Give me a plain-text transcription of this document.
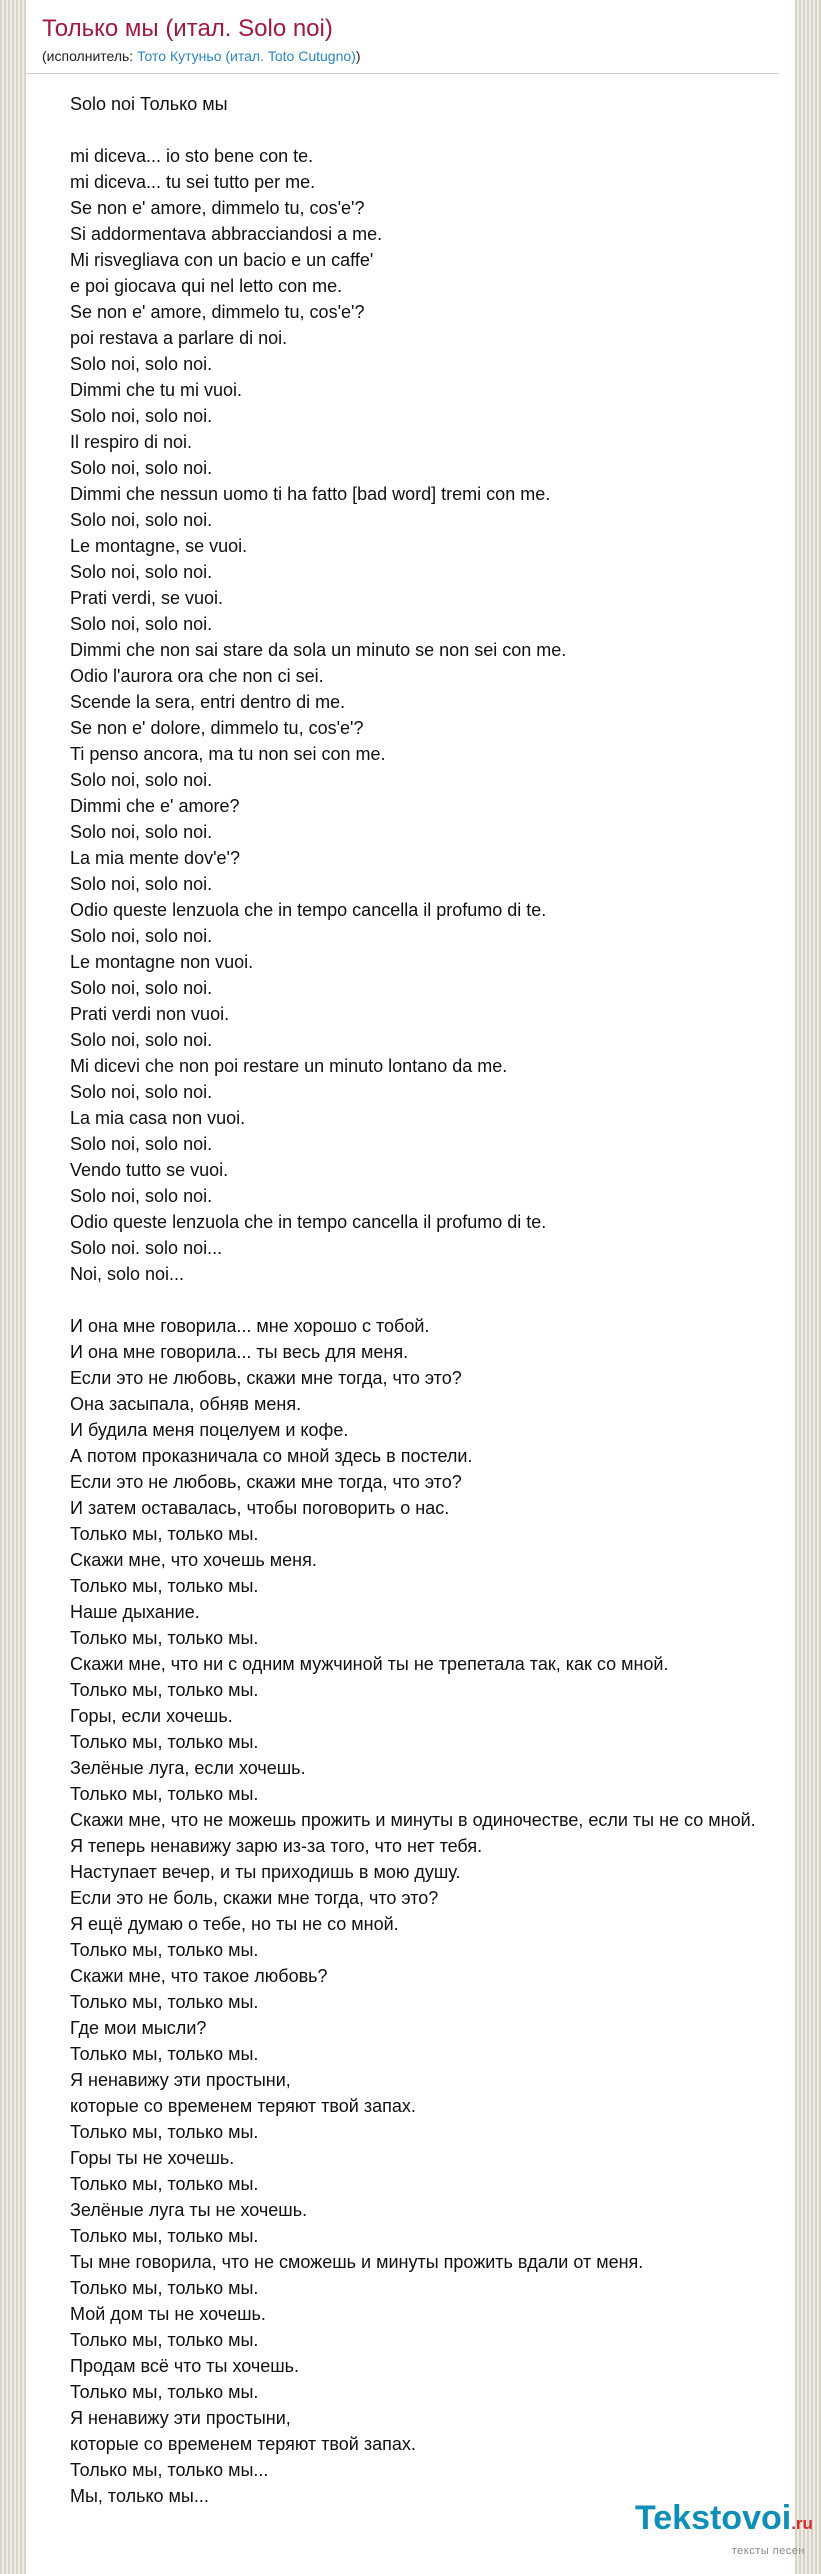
Только мы (итал. Solo noi)
(исполнитель: Тото Кутуньо (итал. Toto Cutugno))

Solo noi Только мы

mi diceva... io sto bene con te.

mi diceva... tu sei tutto per me.

Se non e' amore, dimmelo tu, cos'e'?

Si addormentava abbracciandosi a me.

Mi risvegliava con un bacio e un caffe'

e poi giocava qui nel letto con me.

Se non e' amore, dimmelo tu, cos'e'?

poi restava a parlare di noi.

Solo noi, solo noi.

Dimmi che tu mi vuoi.

Solo noi, solo noi.

Il respiro di noi.

Solo noi, solo noi.

Dimmi che nessun uomo ti ha fatto [bad word] tremi con me.

Solo noi, solo noi.

Le montagne, se vuoi.

Solo noi, solo noi.

Prati verdi, se vuoi.

Solo noi, solo noi.

Dimmi che non sai stare da sola un minuto se non sei con me.

Odio l'aurora ora che non ci sei.

Scende la sera, entri dentro di me.

Se non e' dolore, dimmelo tu, cos'e'?

Ti penso ancora, ma tu non sei con me.

Solo noi, solo noi.

Dimmi che e' amore?

Solo noi, solo noi.

La mia mente dov'e'?

Solo noi, solo noi.

Odio queste lenzuola che in tempo cancella il profumo di te.

Solo noi, solo noi.

Le montagne non vuoi.

Solo noi, solo noi.

Prati verdi non vuoi.

Solo noi, solo noi.

Mi dicevi che non poi restare un minuto lontano da me.

Solo noi, solo noi.

La mia casa non vuoi.

Solo noi, solo noi.

Vendo tutto se vuoi.

Solo noi, solo noi.

Odio queste lenzuola che in tempo cancella il profumo di te.

Solo noi. solo noi...

Noi, solo noi...

И она мне говорила... мне хорошо с тобой.

И она мне говорила... ты весь для меня.

Если это не любовь, скажи мне тогда, что это?

Она засыпала, обняв меня.

И будила меня поцелуем и кофе.

А потом проказничала со мной здесь в постели.

Если это не любовь, скажи мне тогда, что это?

И затем оставалась, чтобы поговорить о нас.

Только мы, только мы.

Скажи мне, что хочешь меня.

Только мы, только мы.

Наше дыхание.

Только мы, только мы.

Скажи мне, что ни с одним мужчиной ты не трепетала так, как со мной.

Только мы, только мы.

Горы, если хочешь.

Только мы, только мы.

Зелёные луга, если хочешь.

Только мы, только мы.

Скажи мне, что не можешь прожить и минуты в одиночестве, если ты не со мной.

Я теперь ненавижу зарю из-за того, что нет тебя.

Наступает вечер, и ты приходишь в мою душу.

Если это не боль, скажи мне тогда, что это?

Я ещё думаю о тебе, но ты не со мной.

Только мы, только мы.

Скажи мне, что такое любовь?

Только мы, только мы.

Где мои мысли?

Только мы, только мы.

Я ненавижу эти простыни,

которые со временем теряют твой запах.

Только мы, только мы.

Горы ты не хочешь.

Только мы, только мы.

Зелёные луга ты не хочешь.

Только мы, только мы.

Ты мне говорила, что не сможешь и минуты прожить вдали от меня.

Только мы, только мы.

Мой дом ты не хочешь.

Только мы, только мы.

Продам всё что ты хочешь.

Только мы, только мы.

Я ненавижу эти простыни,

которые со временем теряют твой запах.

Только мы, только мы...

Мы, только мы...

Tekstovoi.ru
тексты песен
